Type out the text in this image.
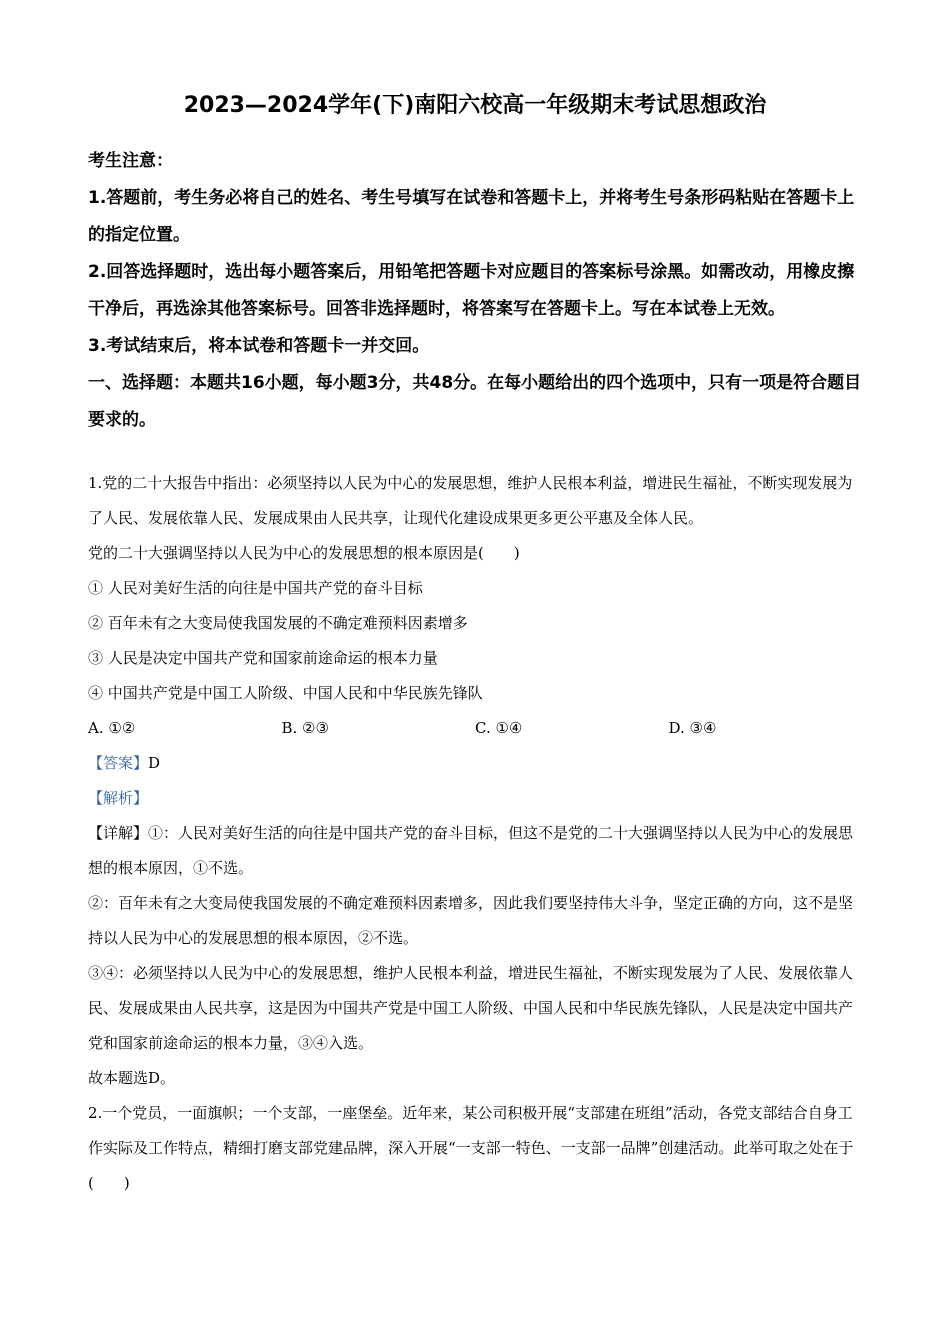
2023—2024学年(下)南阳六校高一年级期末考试思想政治

考生注意：

1.答题前，考生务必将自己的姓名、考生号填写在试卷和答题卡上，并将考生号条形码粘贴在答题卡上的指定位置。

2.回答选择题时，选出每小题答案后，用铅笔把答题卡对应题目的答案标号涂黑。如需改动，用橡皮擦干净后，再选涂其他答案标号。回答非选择题时，将答案写在答题卡上。写在本试卷上无效。

3.考试结束后，将本试卷和答题卡一并交回。

一、选择题：本题共16小题，每小题3分，共48分。在每小题给出的四个选项中，只有一项是符合题目要求的。

1.党的二十大报告中指出：必须坚持以人民为中心的发展思想，维护人民根本利益，增进民生福祉，不断实现发展为了人民、发展依靠人民、发展成果由人民共享，让现代化建设成果更多更公平惠及全体人民。

党的二十大强调坚持以人民为中心的发展思想的根本原因是(　　)

① 人民对美好生活的向往是中国共产党的奋斗目标

② 百年未有之大变局使我国发展的不确定难预料因素增多

③ 人民是决定中国共产党和国家前途命运的根本力量

④ 中国共产党是中国工人阶级、中国人民和中华民族先锋队

A. ①②	B. ②③	C. ①④	D. ③④

【答案】D

【解析】

【详解】①：人民对美好生活的向往是中国共产党的奋斗目标，但这不是党的二十大强调坚持以人民为中心的发展思想的根本原因，①不选。

②：百年未有之大变局使我国发展的不确定难预料因素增多，因此我们要坚持伟大斗争，坚定正确的方向，这不是坚持以人民为中心的发展思想的根本原因，②不选。

③④：必须坚持以人民为中心的发展思想，维护人民根本利益，增进民生福祉，不断实现发展为了人民、发展依靠人民、发展成果由人民共享，这是因为中国共产党是中国工人阶级、中国人民和中华民族先锋队，人民是决定中国共产党和国家前途命运的根本力量，③④入选。

故本题选D。

2.一个党员，一面旗帜；一个支部，一座堡垒。近年来，某公司积极开展“支部建在班组”活动，各党支部结合自身工作实际及工作特点，精细打磨支部党建品牌，深入开展“一支部一特色、一支部一品牌”创建活动。此举可取之处在于(　　)
